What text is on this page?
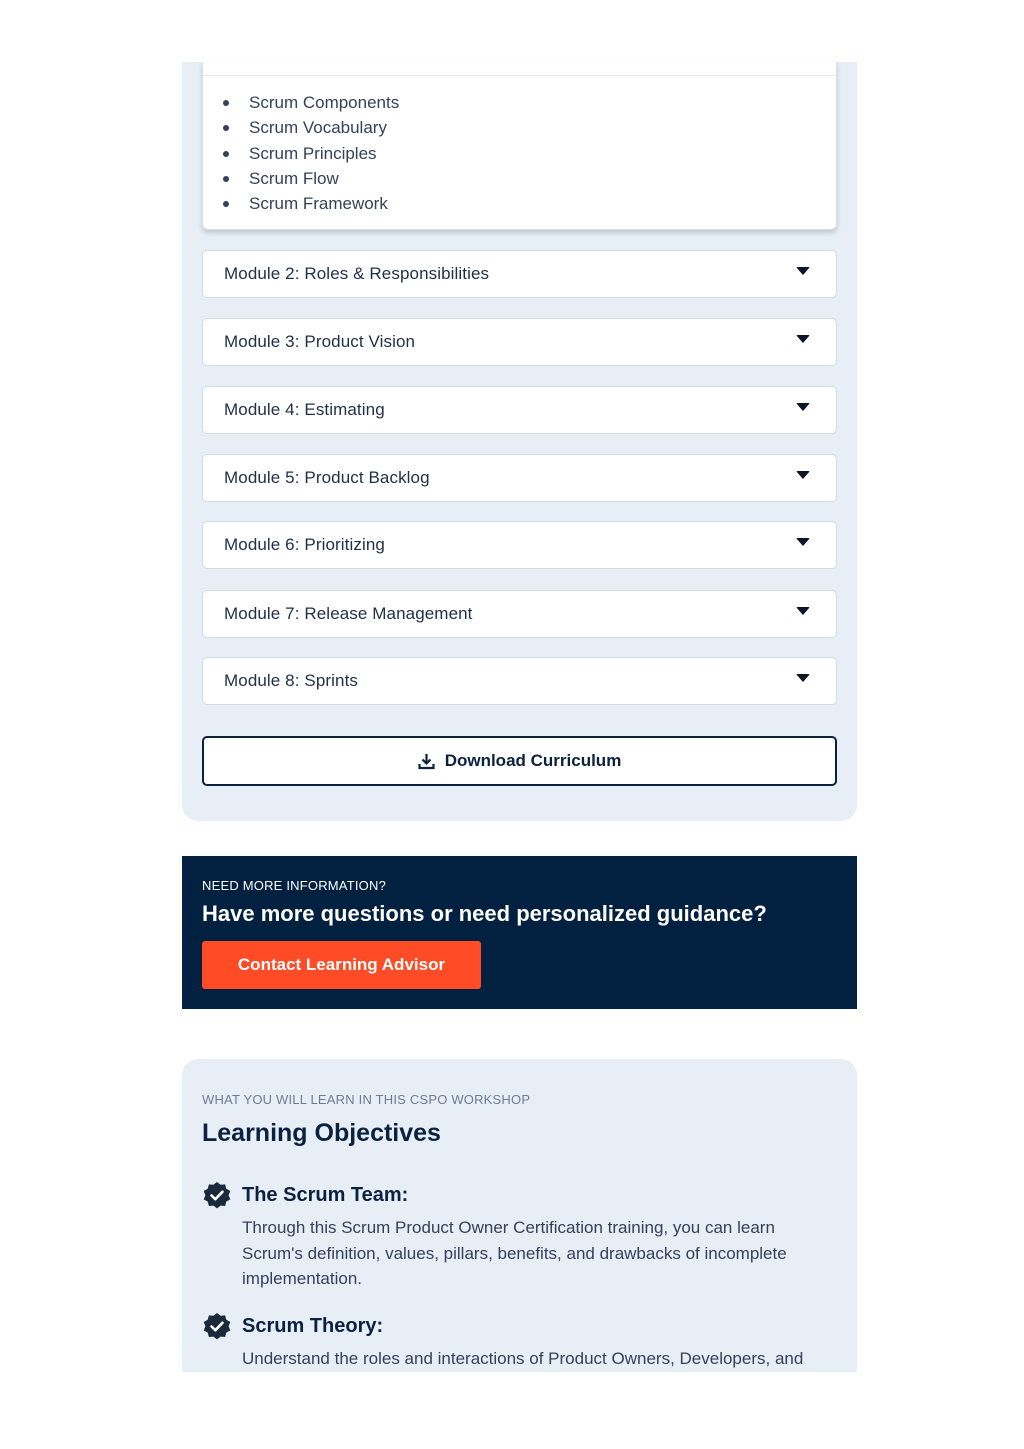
Scrum Components
Scrum Vocabulary
Scrum Principles
Scrum Flow
Scrum Framework
Module 2: Roles & Responsibilities
Module 3: Product Vision
Module 4: Estimating
Module 5: Product Backlog
Module 6: Prioritizing
Module 7: Release Management
Module 8: Sprints
Download Curriculum
NEED MORE INFORMATION?
Have more questions or need personalized guidance?
Contact Learning Advisor
WHAT YOU WILL LEARN IN THIS CSPO WORKSHOP
Learning Objectives
The Scrum Team:
Through this Scrum Product Owner Certification training, you can learn Scrum's definition, values, pillars, benefits, and drawbacks of incomplete implementation.
Scrum Theory:
Understand the roles and interactions of Product Owners, Developers, and
